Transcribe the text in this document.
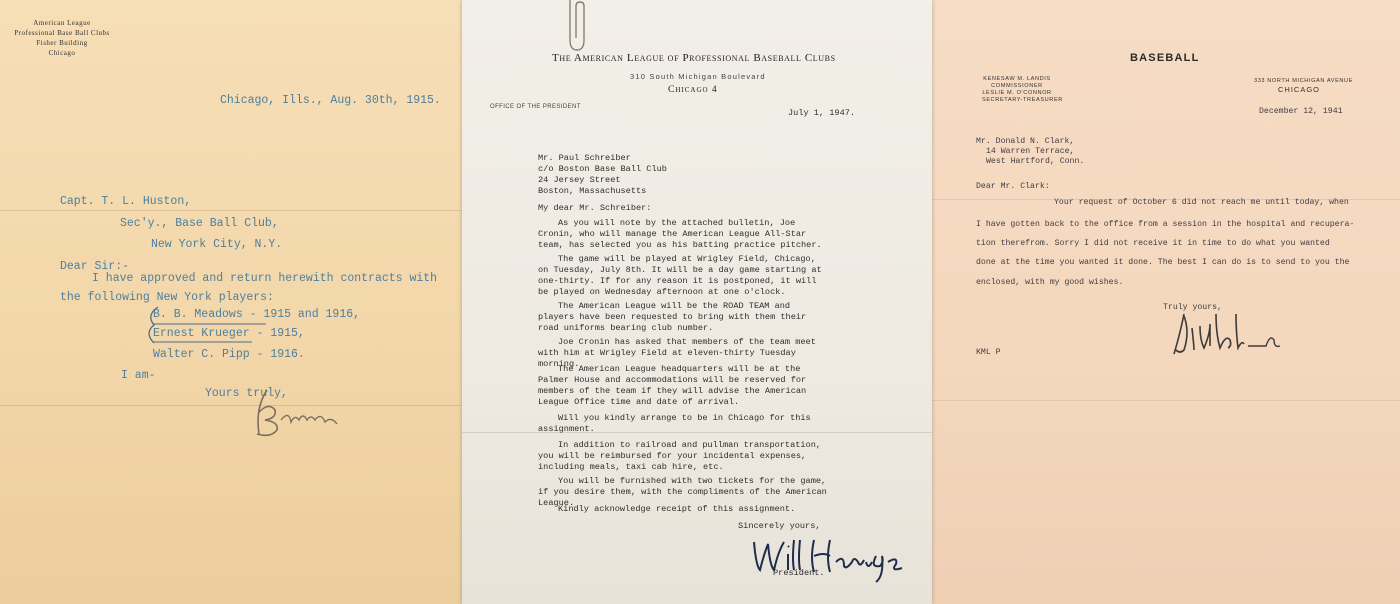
American League
Professional Base Ball Clubs
Fisher Building
Chicago
Chicago, Ills., Aug. 30th, 1915.
Capt. T. L. Huston,
Sec'y., Base Ball Club,
New York City, N.Y.
Dear Sir:-
I have approved and return herewith contracts with
the following New York players:
B. B. Meadows - 1915 and 1916,
Ernest Krueger - 1915,
Walter C. Pipp - 1916.
I am-
Yours truly,
The American League of Professional Baseball Clubs
310 South Michigan Boulevard
Chicago 4
OFFICE OF THE PRESIDENT
July 1, 1947.
Mr. Paul Schreiber
c/o Boston Base Ball Club
24 Jersey Street
Boston, Massachusetts
My dear Mr. Schreiber:
As you will note by the attached bulletin, Joe Cronin, who will manage the American League All-Star team, has selected you as his batting practice pitcher.
The game will be played at Wrigley Field, Chicago, on Tuesday, July 8th. It will be a day game starting at one-thirty. If for any reason it is postponed, it will be played on Wednesday afternoon at one o'clock.
The American League will be the ROAD TEAM and players have been requested to bring with them their road uniforms bearing club number.
Joe Cronin has asked that members of the team meet with him at Wrigley Field at eleven-thirty Tuesday morning.
The American League headquarters will be at the Palmer House and accommodations will be reserved for members of the team if they will advise the American League Office time and date of arrival.
Will you kindly arrange to be in Chicago for this assignment.
In addition to railroad and pullman transportation, you will be reimbursed for your incidental expenses, including meals, taxi cab hire, etc.
You will be furnished with two tickets for the game, if you desire them, with the compliments of the American League.
Kindly acknowledge receipt of this assignment.
Sincerely yours,
President.
BASEBALL
KENESAW M. LANDIS
COMMISSIONER
LESLIE M. O'CONNOR
SECRETARY-TREASURER
333 NORTH MICHIGAN AVENUE
CHICAGO
December 12, 1941
Mr. Donald N. Clark,
14 Warren Terrace,
West Hartford, Conn.
Dear Mr. Clark:
Your request of October 6 did not reach me until today, when
I have gotten back to the office from a session in the hospital and recupera-
tion therefrom. Sorry I did not receive it in time to do what you wanted
done at the time you wanted it done. The best I can do is to send to you the
enclosed, with my good wishes.
Truly yours,
KML P
